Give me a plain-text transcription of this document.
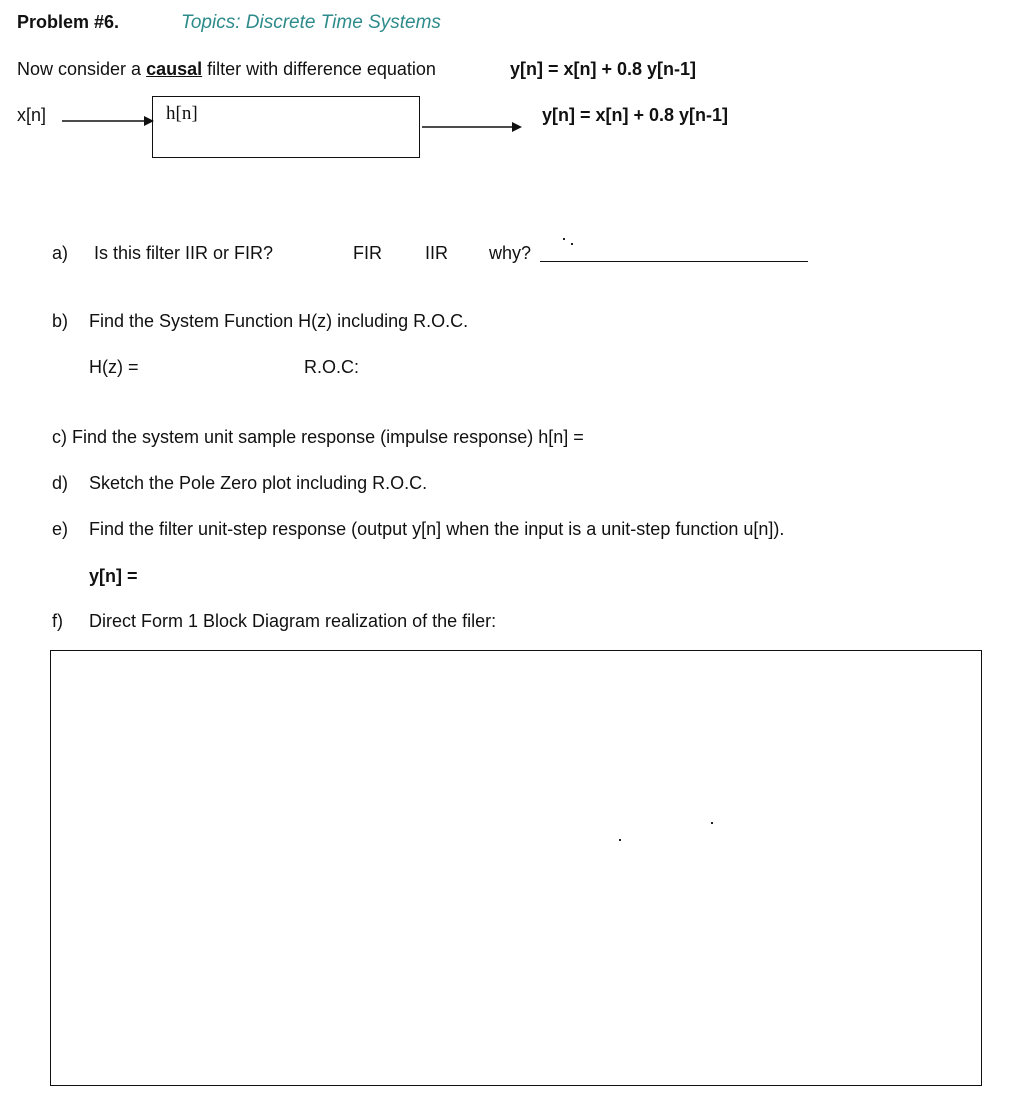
Problem #6.	Topics: Discrete Time Systems
Now consider a causal filter with difference equation	y[n] = x[n] + 0.8 y[n-1]
x[n]	h[n]	y[n] = x[n] + 0.8 y[n-1]
a) Is this filter IIR or FIR?	FIR IIR why?
b) Find the System Function H(z) including R.O.C.
H(z) =	R.O.C:
c) Find the system unit sample response (impulse response) h[n] =
d) Sketch the Pole Zero plot including R.O.C.
e) Find the filter unit-step response (output y[n] when the input is a unit-step function u[n]).
y[n] =
f) Direct Form 1 Block Diagram realization of the filer:
